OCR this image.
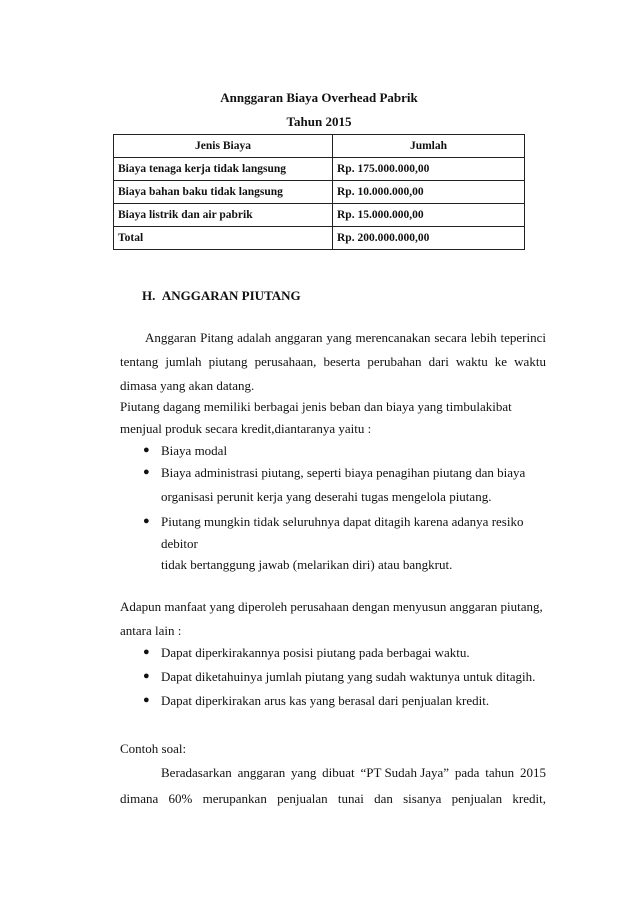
Annggaran Biaya Overhead Pabrik
Tahun 2015
Jenis Biaya	Jumlah
Biaya tenaga kerja tidak langsung	Rp. 175.000.000,00
Biaya bahan baku tidak langsung	Rp. 10.000.000,00
Biaya listrik dan air pabrik	Rp. 15.000.000,00
Total	Rp. 200.000.000,00
H. ANGGARAN PIUTANG
Anggaran Pitang adalah anggaran yang merencanakan secara lebih teperinci
tentang jumlah piutang perusahaan, beserta perubahan dari waktu ke waktu
dimasa yang akan datang.
Piutang dagang memiliki berbagai jenis beban dan biaya yang timbulakibat
menjual produk secara kredit,diantaranya yaitu :
● Biaya modal
● Biaya administrasi piutang, seperti biaya penagihan piutang dan biaya
organisasi perunit kerja yang deserahi tugas mengelola piutang.
● Piutang mungkin tidak seluruhnya dapat ditagih karena adanya resiko
debitor
tidak bertanggung jawab (melarikan diri) atau bangkrut.
Adapun manfaat yang diperoleh perusahaan dengan menyusun anggaran piutang,
antara lain :
● Dapat diperkirakannya posisi piutang pada berbagai waktu.
● Dapat diketahuinya jumlah piutang yang sudah waktunya untuk ditagih.
● Dapat diperkirakan arus kas yang berasal dari penjualan kredit.
Contoh soal:
Beradasarkan anggaran yang dibuat “PT Sudah Jaya” pada tahun 2015
dimana 60% merupankan penjualan tunai dan sisanya penjualan kredit,
